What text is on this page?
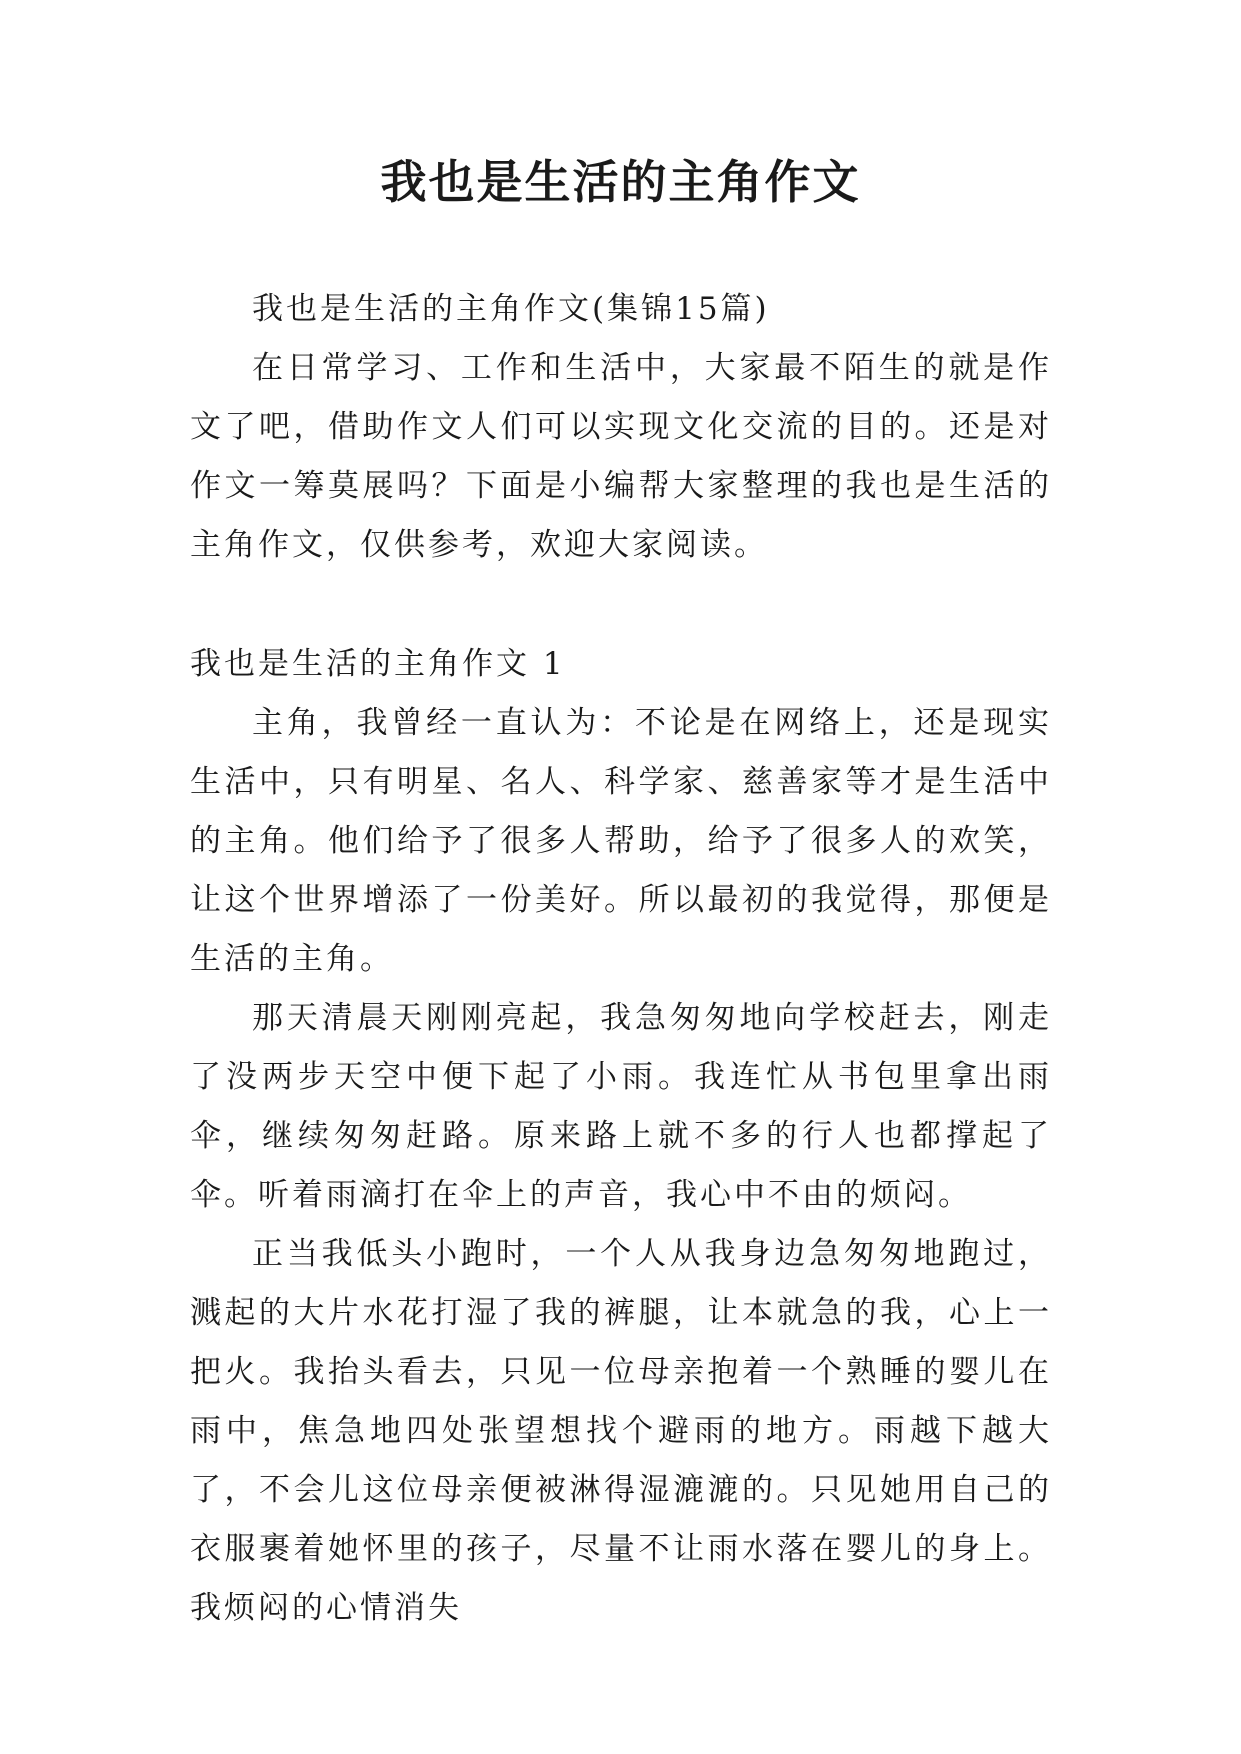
我也是生活的主角作文

我也是生活的主角作文(集锦15篇)

在日常学习、工作和生活中，大家最不陌生的就是作文了吧，借助作文人们可以实现文化交流的目的。还是对作文一筹莫展吗？下面是小编帮大家整理的我也是生活的主角作文，仅供参考，欢迎大家阅读。

我也是生活的主角作文 1

主角，我曾经一直认为：不论是在网络上，还是现实生活中，只有明星、名人、科学家、慈善家等才是生活中的主角。他们给予了很多人帮助，给予了很多人的欢笑，让这个世界增添了一份美好。所以最初的我觉得，那便是生活的主角。

那天清晨天刚刚亮起，我急匆匆地向学校赶去，刚走了没两步天空中便下起了小雨。我连忙从书包里拿出雨伞，继续匆匆赶路。原来路上就不多的行人也都撑起了伞。听着雨滴打在伞上的声音，我心中不由的烦闷。

正当我低头小跑时，一个人从我身边急匆匆地跑过，溅起的大片水花打湿了我的裤腿，让本就急的我，心上一把火。我抬头看去，只见一位母亲抱着一个熟睡的婴儿在雨中，焦急地四处张望想找个避雨的地方。雨越下越大了，不会儿这位母亲便被淋得湿漉漉的。只见她用自己的衣服裹着她怀里的孩子，尽量不让雨水落在婴儿的身上。我烦闷的心情消失
